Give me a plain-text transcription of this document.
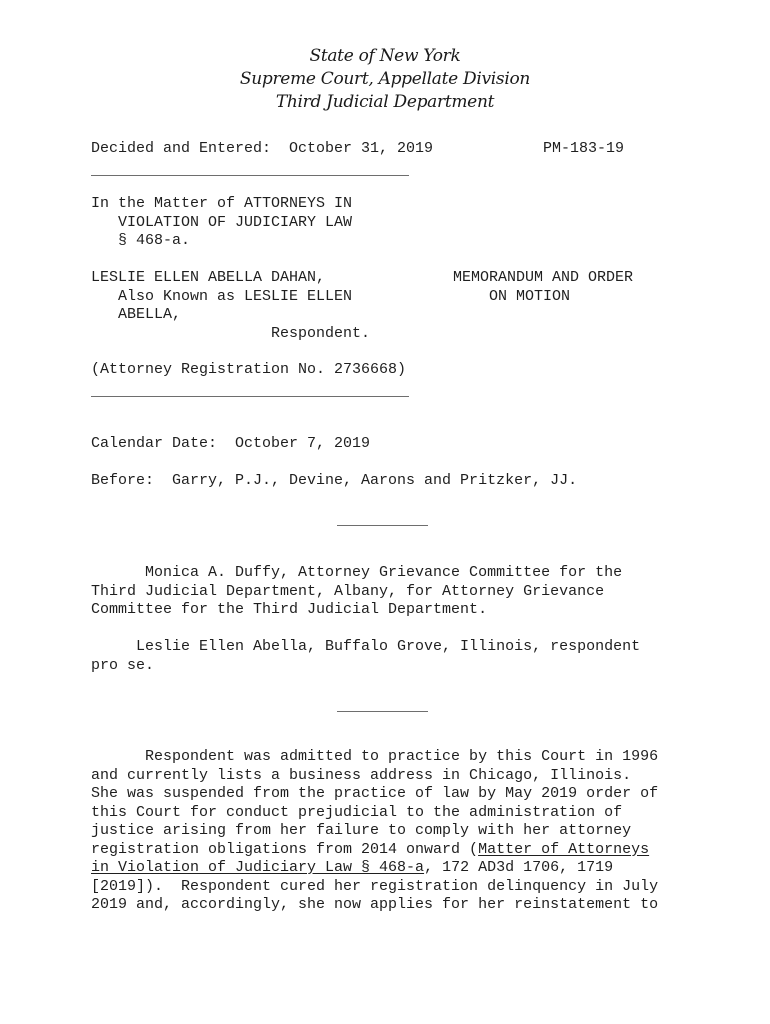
State of New York
Supreme Court, Appellate Division
Third Judicial Department
Decided and Entered:  October 31, 2019	PM-183-19
In the Matter of ATTORNEYS IN
VIOLATION OF JUDICIARY LAW
§ 468-a.
LESLIE ELLEN ABELLA DAHAN,
Also Known as LESLIE ELLEN
ABELLA,
Respondent.
MEMORANDUM AND ORDER
ON MOTION
(Attorney Registration No. 2736668)
Calendar Date:  October 7, 2019
Before:  Garry, P.J., Devine, Aarons and Pritzker, JJ.
Monica A. Duffy, Attorney Grievance Committee for the
Third Judicial Department, Albany, for Attorney Grievance
Committee for the Third Judicial Department.
Leslie Ellen Abella, Buffalo Grove, Illinois, respondent
pro se.
Respondent was admitted to practice by this Court in 1996
and currently lists a business address in Chicago, Illinois.
She was suspended from the practice of law by May 2019 order of
this Court for conduct prejudicial to the administration of
justice arising from her failure to comply with her attorney
registration obligations from 2014 onward (Matter of Attorneys
in Violation of Judiciary Law § 468-a, 172 AD3d 1706, 1719
[2019]).  Respondent cured her registration delinquency in July
2019 and, accordingly, she now applies for her reinstatement to
